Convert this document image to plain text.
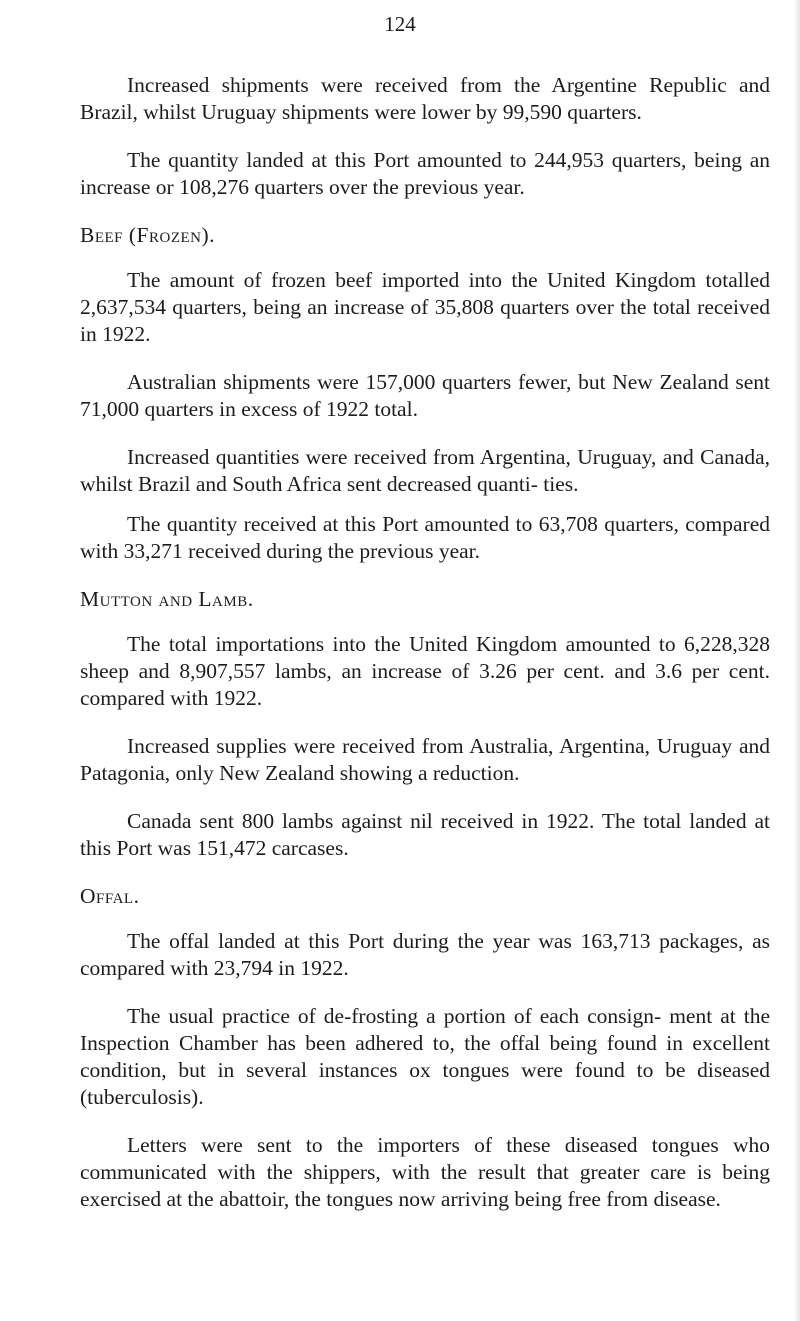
124

Increased shipments were received from the Argentine Republic and Brazil, whilst Uruguay shipments were lower by 99,590 quarters.

The quantity landed at this Port amounted to 244,953 quarters, being an increase or 108,276 quarters over the previous year.

Beef (Frozen).

The amount of frozen beef imported into the United Kingdom totalled 2,637,534 quarters, being an increase of 35,808 quarters over the total received in 1922.

Australian shipments were 157,000 quarters fewer, but New Zealand sent 71,000 quarters in excess of 1922 total.

Increased quantities were received from Argentina, Uruguay, and Canada, whilst Brazil and South Africa sent decreased quanti- ties.

The quantity received at this Port amounted to 63,708 quarters, compared with 33,271 received during the previous year.

Mutton and Lamb.

The total importations into the United Kingdom amounted to 6,228,328 sheep and 8,907,557 lambs, an increase of 3.26 per cent. and 3.6 per cent. compared with 1922.

Increased supplies were received from Australia, Argentina, Uruguay and Patagonia, only New Zealand showing a reduction.

Canada sent 800 lambs against nil received in 1922. The total landed at this Port was 151,472 carcases.

Offal.

The offal landed at this Port during the year was 163,713 packages, as compared with 23,794 in 1922.

The usual practice of de-frosting a portion of each consign- ment at the Inspection Chamber has been adhered to, the offal being found in excellent condition, but in several instances ox tongues were found to be diseased (tuberculosis).

Letters were sent to the importers of these diseased tongues who communicated with the shippers, with the result that greater care is being exercised at the abattoir, the tongues now arriving being free from disease.
